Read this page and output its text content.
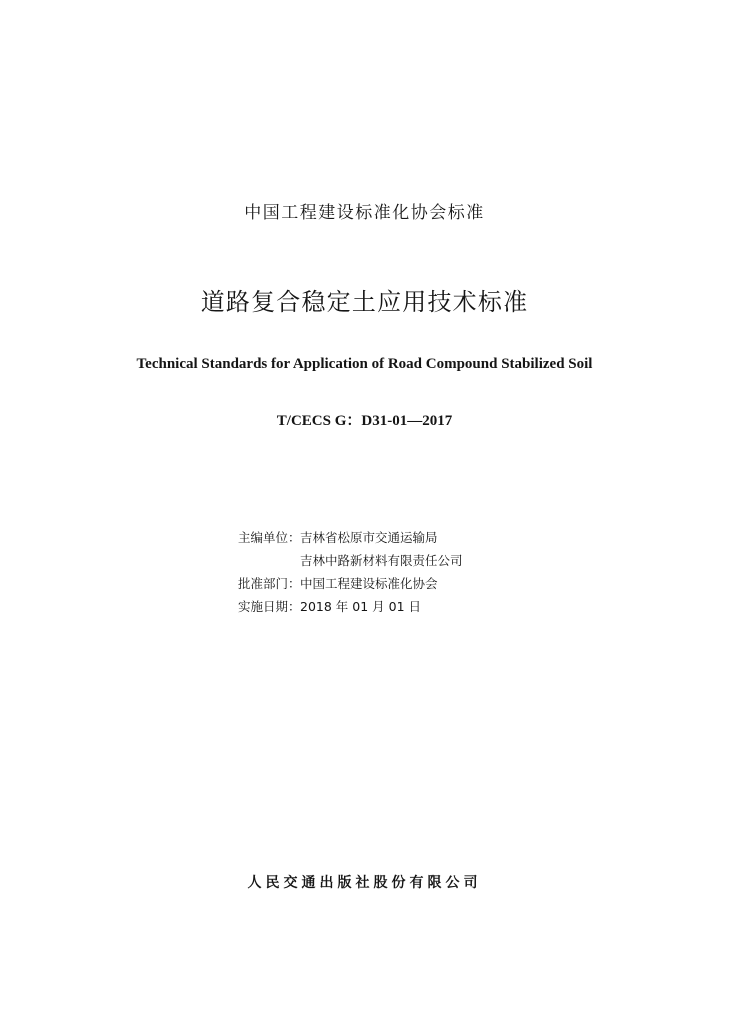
中国工程建设标准化协会标准
道路复合稳定土应用技术标准
Technical Standards for Application of Road Compound Stabilized Soil
T/CECS G：D31-01—2017
主编单位： 吉林省松原市交通运输局
吉林中路新材料有限责任公司
批准部门： 中国工程建设标准化协会
实施日期： 2018 年 01 月 01 日
人民交通出版社股份有限公司
